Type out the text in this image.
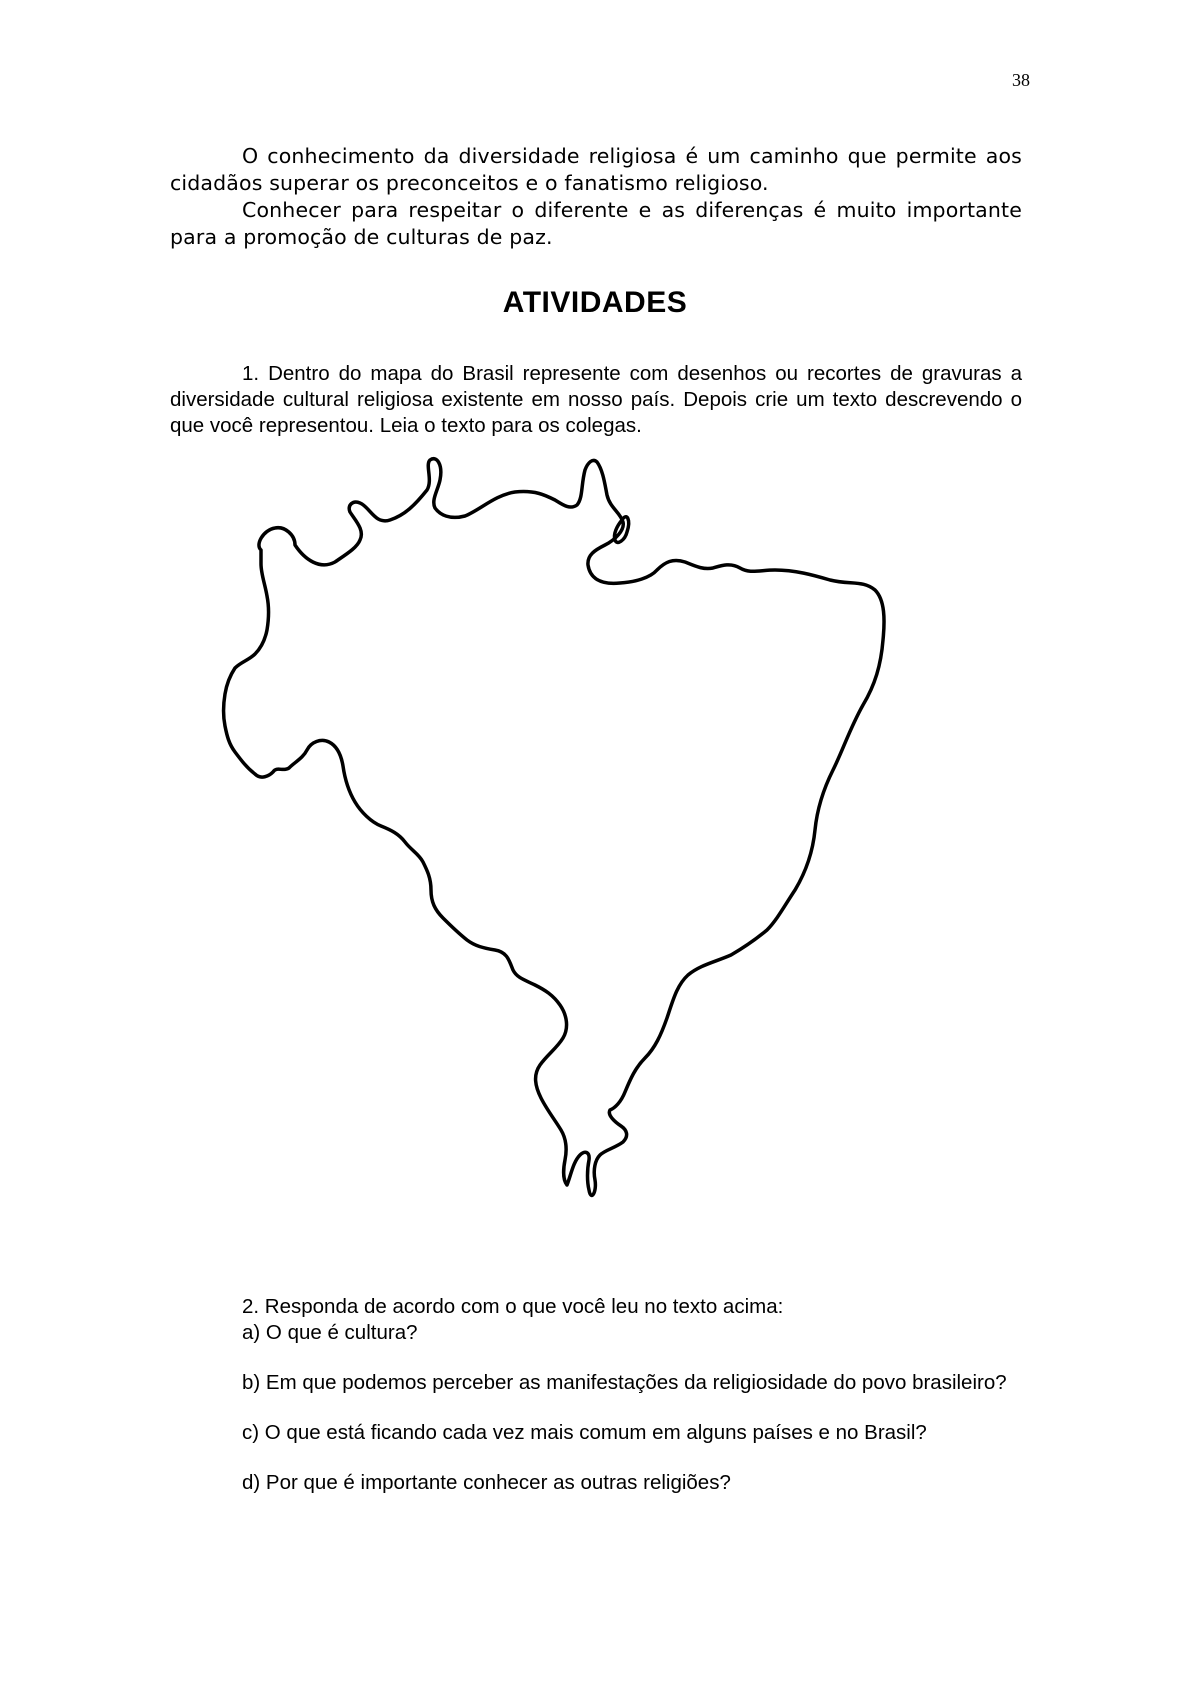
38

O conhecimento da diversidade religiosa é um caminho que permite aos cidadãos superar os preconceitos e o fanatismo religioso.

Conhecer para respeitar o diferente e as diferenças é muito importante para a promoção de culturas de paz.

ATIVIDADES

1. Dentro do mapa do Brasil represente com desenhos ou recortes de gravuras a diversidade cultural religiosa existente em nosso país. Depois crie um texto descrevendo o que você representou. Leia o texto para os colegas.

2. Responda de acordo com o que você leu no texto acima:

a) O que é cultura?

b) Em que podemos perceber as manifestações da religiosidade do povo brasileiro?

c) O que está ficando cada vez mais comum em alguns países e no Brasil?

d) Por que é importante conhecer as outras religiões?
